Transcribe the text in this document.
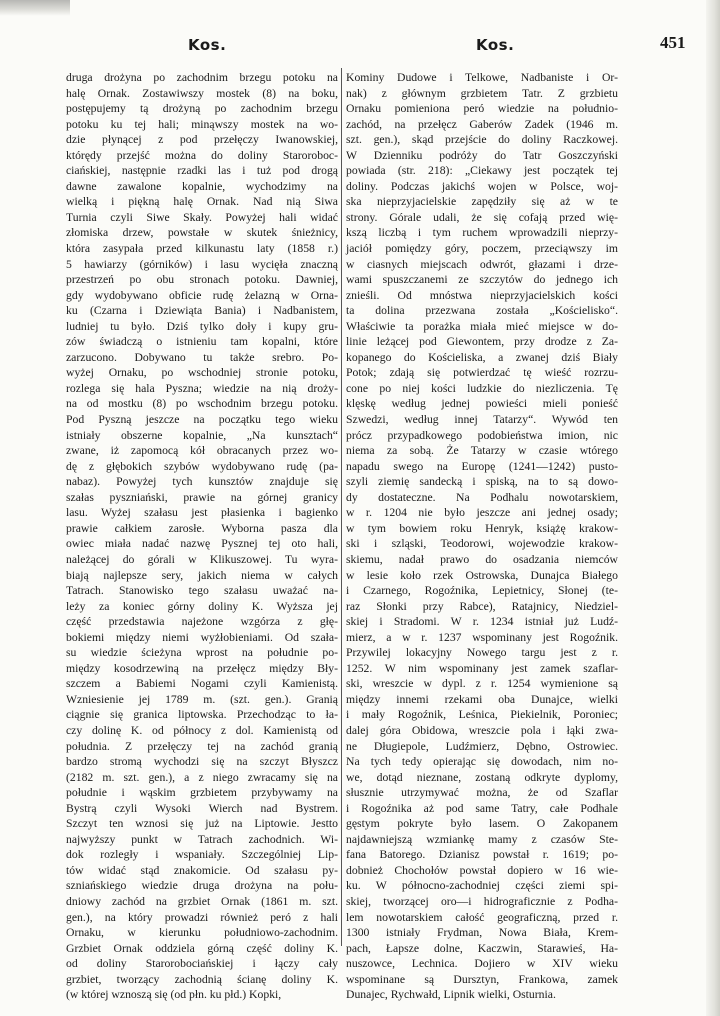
Kos.	Kos.	451
druga drożyna po zachodnim brzegu potoku na
halę Ornak. Zostawiwszy mostek (8) na boku,
postępujemy tą drożyną po zachodnim brzegu
potoku ku tej hali; minąwszy mostek na wo-
dzie płynącej z pod przełęczy Iwanowskiej,
którędy przejść można do doliny Staroroboc-
ciańskiej, następnie rzadki las i tuż pod drogą
dawne zawalone kopalnie, wychodzimy na
wielką i piękną halę Ornak. Nad nią Siwa
Turnia czyli Siwe Skały. Powyżej hali widać
złomiska drzew, powstałe w skutek śnieżnicy,
która zasypała przed kilkunastu laty (1858 r.)
5 hawiarzy (górników) i lasu wycięła znaczną
przestrzeń po obu stronach potoku. Dawniej,
gdy wydobywano obficie rudę żelazną w Ornа-
ku (Czarna i Dziewiąta Bania) i Nadbanistem,
ludniej tu było. Dziś tylko doły i kupy gru-
zów świadczą o istnieniu tam kopalni, które
zarzucono. Dobywano tu także srebro. Po-
wyżej Ornaku, po wschodniej stronie potoku,
rozlega się hala Pyszna; wiedzie na nią drożу-
na od mostku (8) po wschodnim brzegu potoku.
Pod Pyszną jeszcze na początku tego wieku
istniały obszerne kopalnie, „Na kunsztach“
zwane, iż zapomocą kół obracanych przez wo-
dę z głębokich szybów wydobywano rudę (pa-
nabaz). Powyżej tych kunsztów znajduje się
szałas pysznіański, prawie na górnej granicy
lasu. Wyżej szałasu jest płasienka i bagienko
prawie całkiem zarosłe. Wyborna pasza dla
owiec miała nadać nazwę Pysznej tej oto hali,
należącej do górali w Klikuszowej. Tu wyra-
biają najlepsze sery, jakich niema w całych
Tatrach. Stanowisko tego szałasu uważać na-
leży za koniec górny doliny K. Wyższa jej
część przedstawia najeżone wzgórza z głę-
bokiemi między niemi wyżłobieniami. Od szała-
su wiedzie ścieżyna wprost na południe po-
między kosodrzewiną na przełęcz między Bły-
szczem a Babiemi Nogami czyli Kamienistą.
Wzniesienie jej 1789 m. (szt. gen.). Granią
ciągnie się granica liptowska. Przechodząc to ła-
czy dolinę K. od północy z dol. Kamienistą od
południa. Z przełęczy tej na zachód granią
bardzo stromą wychodzi się na szczyt Błyszcz
(2182 m. szt. gen.), a z niego zwracamy się na
południe i wąskim grzbietem przybywamy na
Bystrą czyli Wysoki Wierch nad Bystrem.
Szczyt ten wznosi się już na Liptowie. Jestto
najwyższy punkt w Tatrach zachodnich. Wi-
dok rozległy i wspaniały. Szczególniej Lip-
tów widać stąd znakomicie. Od szałasu py-
szniańskiego wiedzie druga drożyna na połu-
dniowy zachód na grzbiet Ornak (1861 m. szt.
gen.), na który prowadzi również peró z hali
Ornaku, w kierunku południowo-zachodnim.
Grzbiet Ornak oddziela górną część doliny K.
od doliny Staroroboсіańskiej i łączy cały
grzbiet, tworzący zachodnią ścianę doliny K.
(w której wznoszą się (od płn. ku płd.) Kopki,
Kominy Dudowe i Telkowe, Nadbaniste i Or-
nak) z głównym grzbietem Tatr. Z grzbietu
Ornaku pomieniona peró wiedzie na południo-
zachód, na przełęcz Gaberów Zadek (1946 m.
szt. gen.), skąd przejście do doliny Raczkowej.
W Dzienniku podróży do Tatr Goszczyński
powiada (str. 218): „Ciekawy jest początek tej
doliny. Podczas jakichś wojen w Polsce, woj-
ska nieprzyjacielskie zapędziły się aż w te
strony. Górale udali, że się cofają przed wię-
kszą liczbą i tym ruchem wprowadzili nieprzy-
jaciół pomiędzy góry, poczem, przeciąwszy im
w ciasnych miejscach odwrót, głazami i drze-
wami spuszczanemi ze szczytów do jednego ich
znieśli. Od mnóstwa nieprzyjacielskich kości
ta dolina przezwana została „Kościelisko“.
Właściwie ta porażka miała mieć miejsce w do-
linie leżącej pod Giewontem, przy drodze z Za-
kopanego do Kościeliska, a zwanej dziś Biały
Potok; zdają się potwierdzać tę wieść rozrzu-
cone po niej kości ludzkie do niezliczenia. Tę
klęskę według jednej powieści mieli ponieść
Szwedzi, według innej Tatarzy“. Wywód ten
prócz przypadkowego podobieństwa imion, nic
niema za sobą. Że Tatarzy w czasie wtórego
napadu swego na Europę (1241—1242) pusto-
szyli ziemię sandecką i spiską, na to są dowo-
dy dostateczne. Na Podhalu nowotarskiem,
w r. 1204 nie było jeszcze ani jednej osady;
w tym bowiem roku Henryk, książę krakow-
ski i szląski, Teodorowi, wojewodzie krakow-
skiemu, nadał prawo do osadzania niemców
w lesie koło rzek Ostrowska, Dunajca Białego
i Czarnego, Rogoźnika, Lepietnicy, Słonej (te-
raz Słonki przy Rabce), Ratajnicy, Niedziel-
skiej i Stradomi. W r. 1234 istniał już Ludź-
mierz, a w r. 1237 wspominany jest Rogoźnik.
Przywilej lokacyjny Nowego targu jest z r.
1252. W nim wspominany jest zamek szaflar-
ski, wreszcie w dypl. z r. 1254 wymienione są
między innemi rzekami oba Dunajce, wielki
i mały Rogoźnik, Leśnica, Piekielnik, Poroniec;
dalej góra Obidowa, wreszcie pola i łąki zwa-
ne Długiepole, Ludźmierz, Dębno, Ostrowiec.
Na tych tedy opierając się dowodach, nim no-
we, dotąd nieznane, zostaną odkryte dyplomy,
słusznie utrzymywać można, że od Szaflar
i Rogoźnika aż pod same Tatry, całe Podhale
gęstym pokryte było lasem. O Zakopanem
najdawniejszą wzmiankę mamy z czasów Ste-
fana Batorego. Dzianisz powstał r. 1619; po-
dobnież Chochołów powstał dopiero w 16 wie-
ku. W północno-zachodniej części ziemi spi-
skiej, tworzącej oro—i hidrograficznie z Podha-
lem nowotarskiem całość geograficzną, przed r.
1300 istniały Frydman, Nowa Biała, Krem-
pach, Łapsze dolne, Kaczwin, Starawieś, Ha-
nuszowce, Lechnica. Dojiero w XIV wieku
wspominane są Dursztyn, Frankowa, zamek
Dunajec, Rychwałd, Lipnik wielki, Osturnia.
